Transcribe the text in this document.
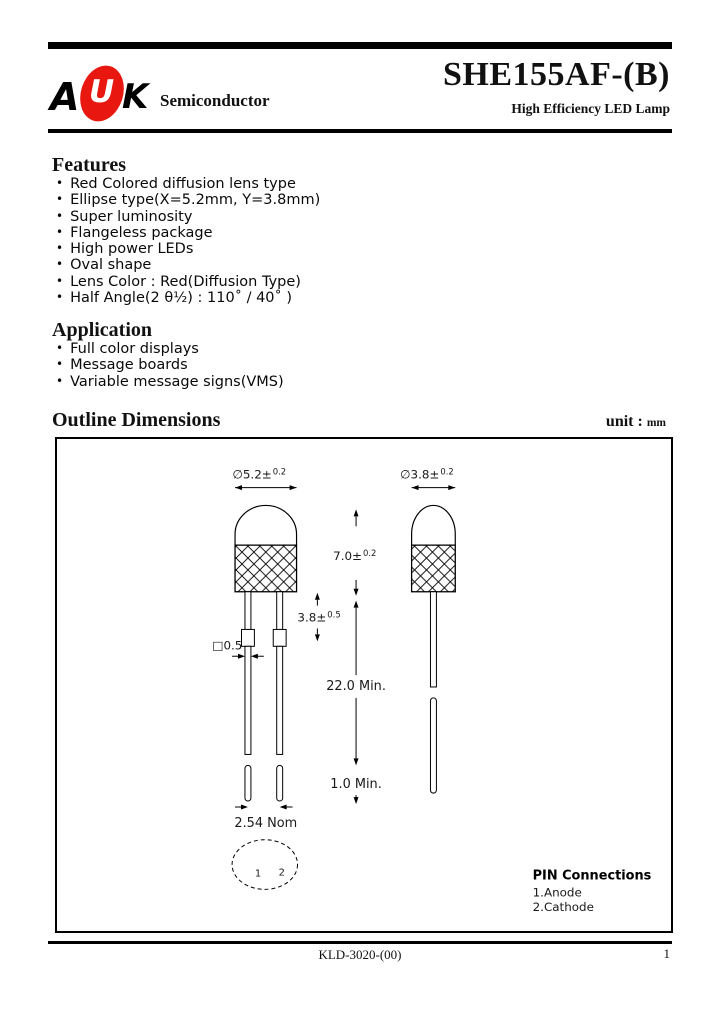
A U K Semiconductor
SHE155AF-(B)
High Efficiency LED Lamp
Features
• Red Colored diffusion lens type
• Ellipse type(X=5.2mm, Y=3.8mm)
• Super luminosity
• Flangeless package
• High power LEDs
• Oval shape
• Lens Color : Red(Diffusion Type)
• Half Angle(2 θ½) : 110˚ / 40˚ )
Application
• Full color displays
• Message boards
• Variable message signs(VMS)
Outline Dimensions	unit : mm
∅5.2± 0.2	∅3.8± 0.2
7.0± 0.2
3.8± 0.5
□0.5
22.0 Min.
1.0 Min.
2.54 Nom
1 2	PIN Connections
1.Anode
2.Cathode
KLD-3020-(00)	1
